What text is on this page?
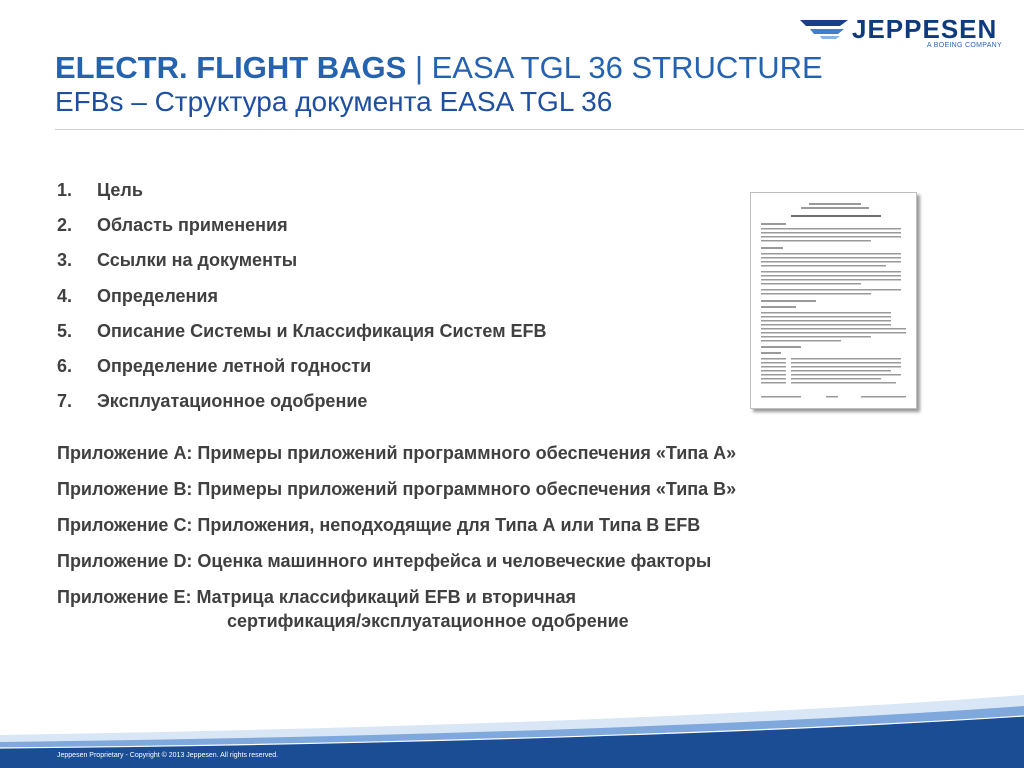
JEPPESEN
A BOEING COMPANY
ELECTR. FLIGHT BAGS | EASA TGL 36 STRUCTURE
EFBs – Структура документа EASA TGL 36
1. Цель
2. Область применения
3. Ссылки на документы
4. Определения
5. Описание Системы и Классификация Систем EFB
6. Определение летной годности
7. Эксплуатационное одобрение
Приложение A: Примеры приложений программного обеспечения «Типа А»
Приложение B: Примеры приложений программного обеспечения «Типа B»
Приложение C: Приложения, неподходящие для Типа А или Типа В EFB
Приложение D: Оценка машинного интерфейса и человеческие факторы
Приложение E: Матрица классификаций EFB и вторичная
сертификация/эксплуатационное одобрение
Jeppesen Proprietary - Copyright © 2013 Jeppesen. All rights reserved.
